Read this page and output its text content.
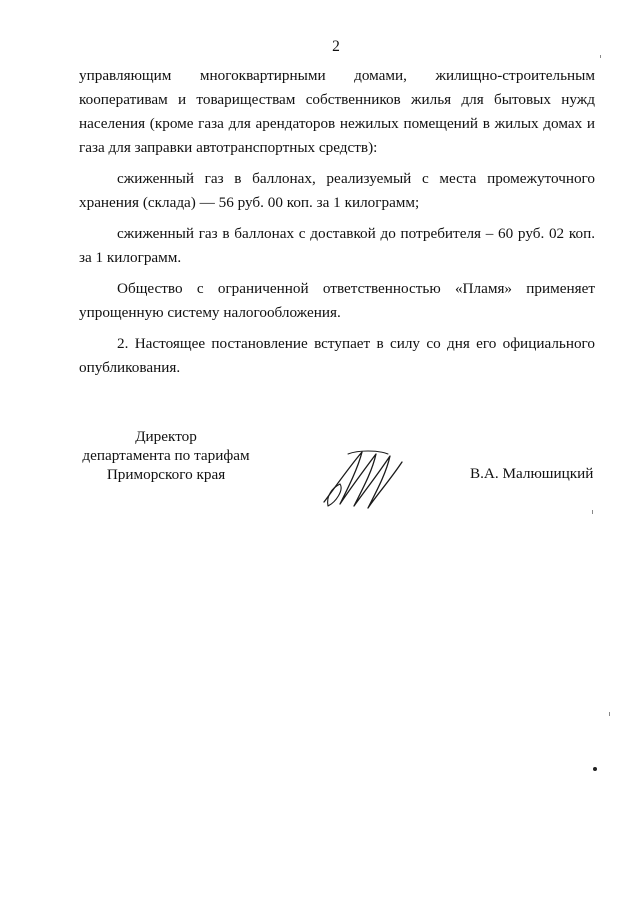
2

управляющим многоквартирными домами, жилищно-строительным кооперативам и товариществам собственников жилья для бытовых нужд населения (кроме газа для арендаторов нежилых помещений в жилых домах и газа для заправки автотранспортных средств):

сжиженный газ в баллонах, реализуемый с места промежуточного хранения (склада) — 56 руб. 00 коп. за 1 килограмм;

сжиженный газ в баллонах с доставкой до потребителя – 60 руб. 02 коп. за 1 килограмм.

Общество с ограниченной ответственностью «Пламя» применяет упрощенную систему налогообложения.

2. Настоящее постановление вступает в силу со дня его официального опубликования.

Директор
департамента по тарифам
Приморского края	В.А. Малюшицкий
